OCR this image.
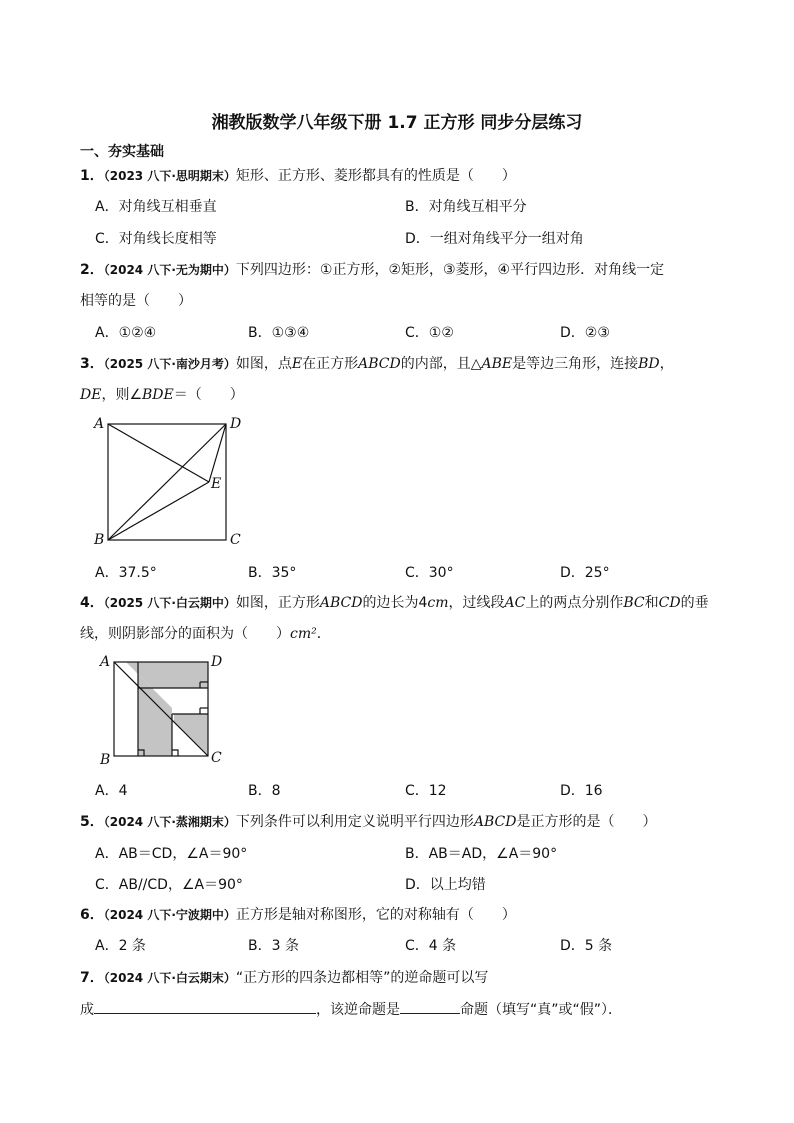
湘教版数学八年级下册 1.7 正方形 同步分层练习
一、夯实基础
1．（2023 八下·思明期末）矩形、正方形、菱形都具有的性质是（　　）
A．对角线互相垂直	B．对角线互相平分
C．对角线长度相等	D．一组对角线平分一组对角
2．（2024 八下·无为期中）下列四边形：①正方形，②矩形，③菱形，④平行四边形．对角线一定
相等的是（　　）
A．①②④	B．①③④	C．①②	D．②③
3．（2025 八下·南沙月考）如图，点E在正方形ABCD的内部，且△ABE是等边三角形，连接BD，
DE，则∠BDE＝（　　）
A	D
E
B	C
A．37.5°	B．35°	C．30°	D．25°
4．（2025 八下·白云期中）如图，正方形ABCD的边长为4cm，过线段AC上的两点分别作BC和CD的垂
线，则阴影部分的面积为（　　）cm²．
A	D
B	C
A．4	B．8	C．12	D．16
5．（2024 八下·蒸湘期末）下列条件可以利用定义说明平行四边形ABCD是正方形的是（　　）
A．AB＝CD，∠A＝90°	B．AB＝AD，∠A＝90°
C．AB//CD，∠A＝90°	D．以上均错
6．（2024 八下·宁波期中）正方形是轴对称图形，它的对称轴有（　　）
A．2 条	B．3 条	C．4 条	D．5 条
7．（2024 八下·白云期末）“正方形的四条边都相等”的逆命题可以写
成	，该逆命题是	命题（填写“真”或“假”）．
